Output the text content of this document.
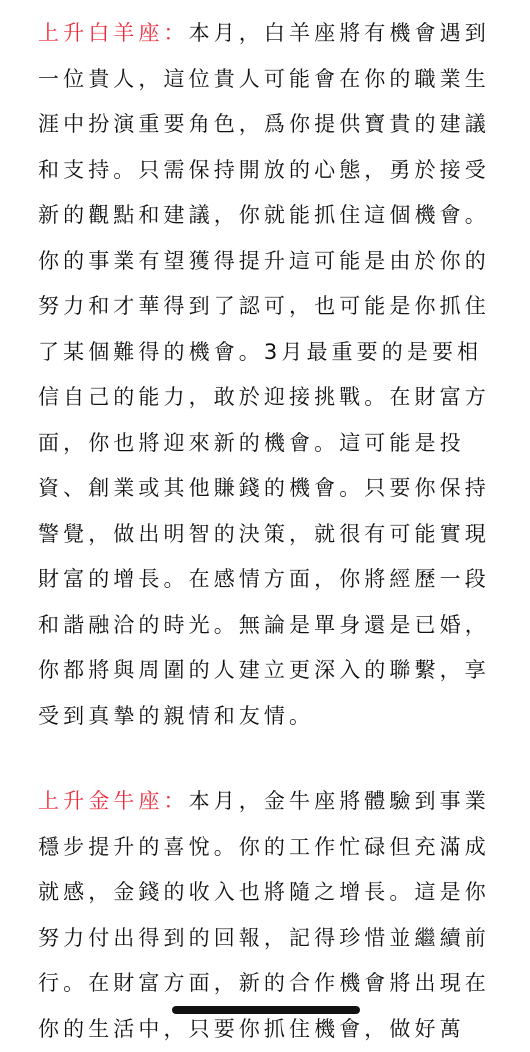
上升白羊座：本月，白羊座將有機會遇到一位貴人，這位貴人可能會在你的職業生涯中扮演重要角色，爲你提供寶貴的建議和支持。只需保持開放的心態，勇於接受新的觀點和建議，你就能抓住這個機會。你的事業有望獲得提升這可能是由於你的努力和才華得到了認可，也可能是你抓住了某個難得的機會。3月最重要的是要相信自己的能力，敢於迎接挑戰。在財富方面，你也將迎來新的機會。這可能是投資、創業或其他賺錢的機會。只要你保持警覺，做出明智的決策，就很有可能實現財富的增長。在感情方面，你將經歷一段和諧融洽的時光。無論是單身還是已婚，你都將與周圍的人建立更深入的聯繫，享受到真摯的親情和友情。

上升金牛座：本月，金牛座將體驗到事業穩步提升的喜悅。你的工作忙碌但充滿成就感，金錢的收入也將隨之增長。這是你努力付出得到的回報，記得珍惜並繼續前行。在財富方面，新的合作機會將出現在你的生活中，只要你抓住機會，做好萬
